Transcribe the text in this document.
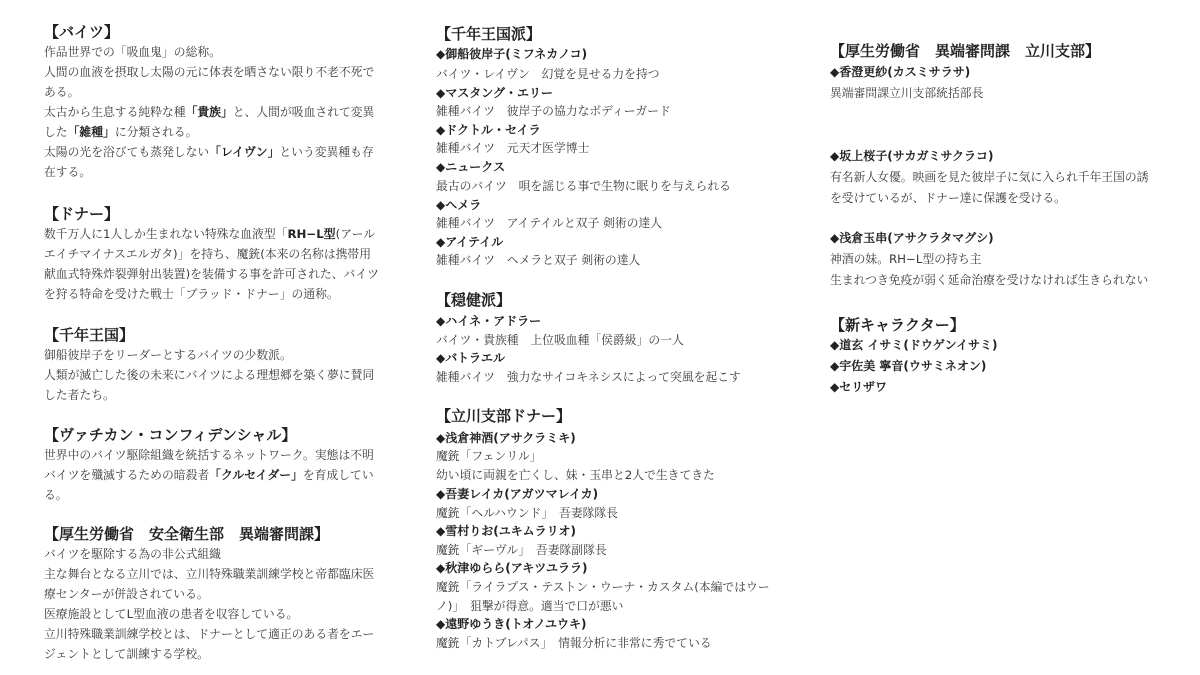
【バイツ】
作品世界での「吸血鬼」の総称。
人間の血液を摂取し太陽の元に体表を晒さない限り不老不死で
ある。
太古から生息する純粋な種「貴族」と、人間が吸血されて変異
した「雑種」に分類される。
太陽の光を浴びても蒸発しない「レイヴン」という変異種も存
在する。
【ドナー】
数千万人に1人しか生まれない特殊な血液型「RH−L型(アール
エイチマイナスエルガタ)」を持ち、魔銃(本来の名称は携帯用
献血式特殊炸裂弾射出装置)を装備する事を許可された、バイツ
を狩る特命を受けた戦士「ブラッド・ドナー」の通称。
【千年王国】
御船彼岸子をリーダーとするバイツの少数派。
人類が滅亡した後の未来にバイツによる理想郷を築く夢に賛同
した者たち。
【ヴァチカン・コンフィデンシャル】
世界中のバイツ駆除組織を統括するネットワーク。実態は不明
バイツを殲滅するための暗殺者「クルセイダー」を育成してい
る。
【厚生労働省　安全衛生部　異端審問課】
バイツを駆除する為の非公式組織
主な舞台となる立川では、立川特殊職業訓練学校と帝都臨床医
療センターが併設されている。
医療施設としてL型血液の患者を収容している。
立川特殊職業訓練学校とは、ドナーとして適正のある者をエー
ジェントとして訓練する学校。
【千年王国派】
◆御船彼岸子(ミフネカノコ)
バイツ・レイヴン　幻覚を見せる力を持つ
◆マスタング・エリー
雑種バイツ　彼岸子の協力なボディーガード
◆ドクトル・セイラ
雑種バイツ　元天才医学博士
◆ニュークス
最古のバイツ　唄を謡じる事で生物に眠りを与えられる
◆ヘメラ
雑種バイツ　アイテイルと双子 剣術の達人
◆アイテイル
雑種バイツ　ヘメラと双子 剣術の達人
【穏健派】
◆ハイネ・アドラー
バイツ・貴族種　上位吸血種「侯爵級」の一人
◆バトラエル
雑種バイツ　強力なサイコキネシスによって突風を起こす
【立川支部ドナー】
◆浅倉神酒(アサクラミキ)
魔銃「フェンリル」
幼い頃に両親を亡くし、妹・玉串と2人で生きてきた
◆吾妻レイカ(アガツマレイカ)
魔銃「ヘルハウンド」　吾妻隊隊長
◆雪村りお(ユキムラリオ)
魔銃「ギーヴル」　吾妻隊副隊長
◆秋津ゆらら(アキツユララ)
魔銃「ライラプス・テストン・ウーナ・カスタム(本編ではウー
ノ)」　狙撃が得意。適当で口が悪い
◆遠野ゆうき(トオノユウキ)
魔銃「カトブレパス」　情報分析に非常に秀でている
【厚生労働省　異端審問課　立川支部】
◆香澄更紗(カスミサラサ)
異端審問課立川支部統括部長
◆坂上桜子(サカガミサクラコ)
有名新人女優。映画を見た彼岸子に気に入られ千年王国の誘
を受けているが、ドナー達に保護を受ける。
◆浅倉玉串(アサクラタマグシ)
神酒の妹。RH−L型の持ち主
生まれつき免疫が弱く延命治療を受けなければ生きられない
【新キャラクター】
◆道玄 イサミ(ドウゲンイサミ)
◆宇佐美 寧音(ウサミネオン)
◆セリザワ
